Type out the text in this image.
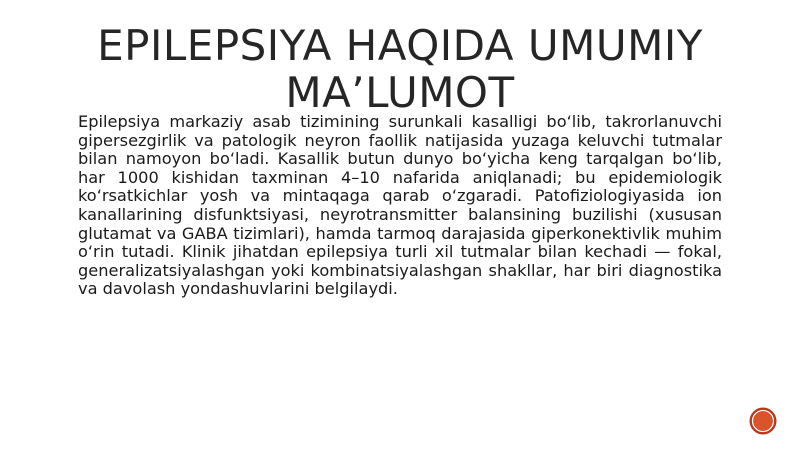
EPILEPSIYA HAQIDA UMUMIY MA’LUMOT

Epilepsiya markaziy asab tizimining surunkali kasalligi bo‘lib, takrorlanuvchi gipersezgirlik va patologik neyron faollik natijasida yuzaga keluvchi tutmalar bilan namoyon bo‘ladi. Kasallik butun dunyo bo‘yicha keng tarqalgan bo‘lib, har 1000 kishidan taxminan 4–10 nafarida aniqlanadi; bu epidemiologik ko‘rsatkichlar yosh va mintaqaga qarab o‘zgaradi. Patofiziologiyasida ion kanallarining disfunktsiyasi, neyrotransmitter balansining buzilishi (xususan glutamat va GABA tizimlari), hamda tarmoq darajasida giperkonektivlik muhim o‘rin tutadi. Klinik jihatdan epilepsiya turli xil tutmalar bilan kechadi — fokal, generalizatsiyalashgan yoki kombinatsiyalashgan shakllar, har biri diagnostika va davolash yondashuvlarini belgilaydi.
